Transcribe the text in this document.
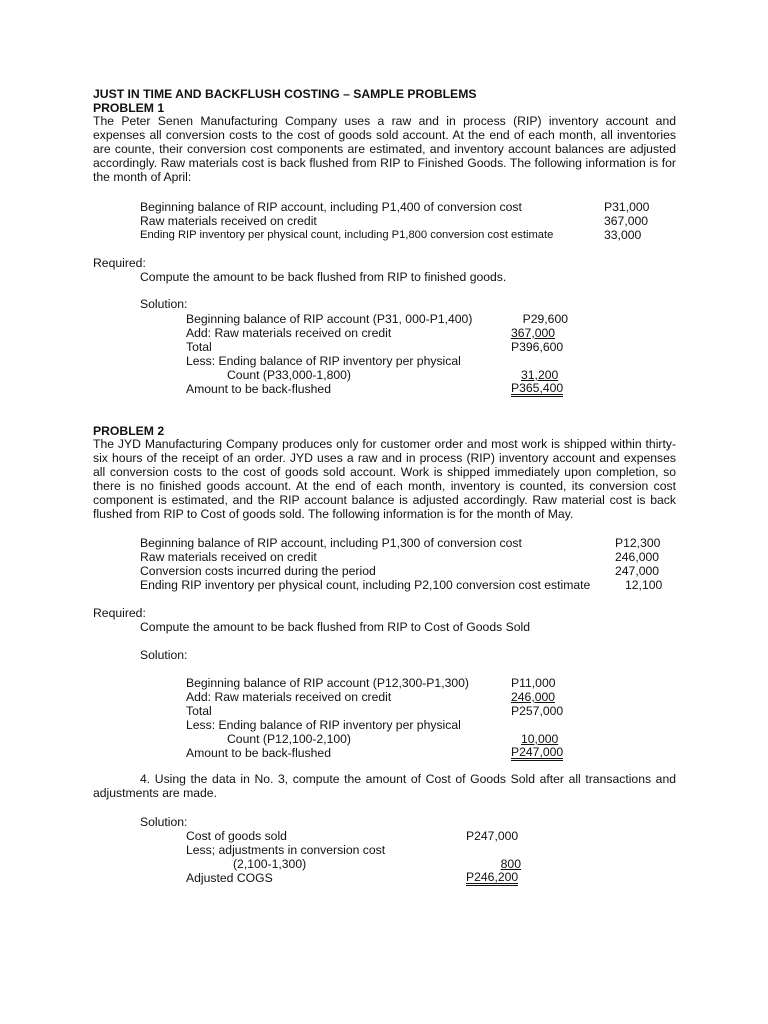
JUST IN TIME AND BACKFLUSH COSTING – SAMPLE PROBLEMS
PROBLEM 1
The Peter Senen Manufacturing Company uses a raw and in process (RIP) inventory account and expenses all conversion costs to the cost of goods sold account. At the end of each month, all inventories are counte, their conversion cost components are estimated, and inventory account balances are adjusted accordingly. Raw materials cost is back flushed from RIP to Finished Goods. The following information is for the month of April:
Beginning balance of RIP account, including P1,400 of conversion cost	P31,000
Raw materials received on credit	367,000
Ending RIP inventory per physical count, including P1,800 conversion cost estimate	33,000
Required:
Compute the amount to be back flushed from RIP to finished goods.
Solution:
Beginning balance of RIP account (P31, 000-P1,400)	P29,600
Add: Raw materials received on credit	367,000
Total	P396,600
Less: Ending balance of RIP inventory per physical
Count (P33,000-1,800)	31,200
Amount to be back-flushed	P365,400
PROBLEM 2
The JYD Manufacturing Company produces only for customer order and most work is shipped within thirty-six hours of the receipt of an order. JYD uses a raw and in process (RIP) inventory account and expenses all conversion costs to the cost of goods sold account. Work is shipped immediately upon completion, so there is no finished goods account. At the end of each month, inventory is counted, its conversion cost component is estimated, and the RIP account balance is adjusted accordingly. Raw material cost is back flushed from RIP to Cost of goods sold. The following information is for the month of May.
Beginning balance of RIP account, including P1,300 of conversion cost	P12,300
Raw materials received on credit	246,000
Conversion costs incurred during the period	247,000
Ending RIP inventory per physical count, including P2,100 conversion cost estimate	12,100
Required:
Compute the amount to be back flushed from RIP to Cost of Goods Sold
Solution:
Beginning balance of RIP account (P12,300-P1,300)	P11,000
Add: Raw materials received on credit	246,000
Total	P257,000
Less: Ending balance of RIP inventory per physical
Count (P12,100-2,100)	10,000
Amount to be back-flushed	P247,000
4. Using the data in No. 3, compute the amount of Cost of Goods Sold after all transactions and adjustments are made.
Solution:
Cost of goods sold	P247,000
Less; adjustments in conversion cost
(2,100-1,300)	800
Adjusted COGS	P246,200
